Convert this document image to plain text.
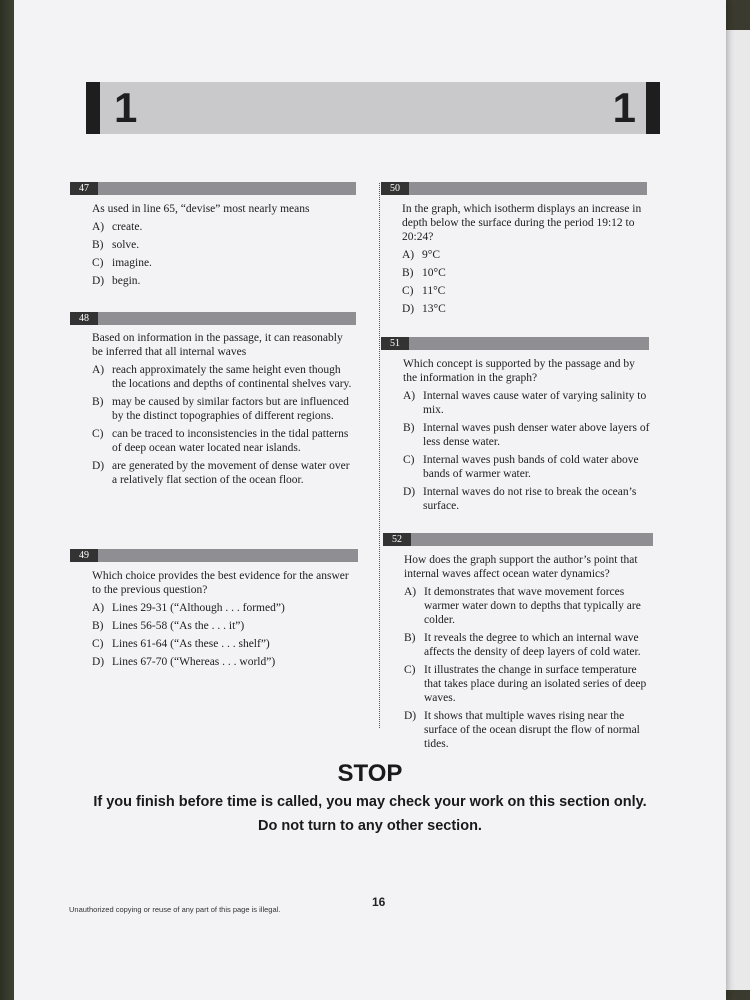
1	1
47
As used in line 65, “devise” most nearly means
A) create.
B) solve.
C) imagine.
D) begin.
48
Based on information in the passage, it can reasonably be inferred that all internal waves
A) reach approximately the same height even though the locations and depths of continental shelves vary.
B) may be caused by similar factors but are influenced by the distinct topographies of different regions.
C) can be traced to inconsistencies in the tidal patterns of deep ocean water located near islands.
D) are generated by the movement of dense water over a relatively flat section of the ocean floor.
49
Which choice provides the best evidence for the answer to the previous question?
A) Lines 29-31 (“Although . . . formed”)
B) Lines 56-58 (“As the . . . it”)
C) Lines 61-64 (“As these . . . shelf”)
D) Lines 67-70 (“Whereas . . . world”)
50
In the graph, which isotherm displays an increase in depth below the surface during the period 19:12 to 20:24?
A) 9°C
B) 10°C
C) 11°C
D) 13°C
51
Which concept is supported by the passage and by the information in the graph?
A) Internal waves cause water of varying salinity to mix.
B) Internal waves push denser water above layers of less dense water.
C) Internal waves push bands of cold water above bands of warmer water.
D) Internal waves do not rise to break the ocean’s surface.
52
How does the graph support the author’s point that internal waves affect ocean water dynamics?
A) It demonstrates that wave movement forces warmer water down to depths that typically are colder.
B) It reveals the degree to which an internal wave affects the density of deep layers of cold water.
C) It illustrates the change in surface temperature that takes place during an isolated series of deep waves.
D) It shows that multiple waves rising near the surface of the ocean disrupt the flow of normal tides.
STOP
If you finish before time is called, you may check your work on this section only.
Do not turn to any other section.
Unauthorized copying or reuse of any part of this page is illegal.
16
